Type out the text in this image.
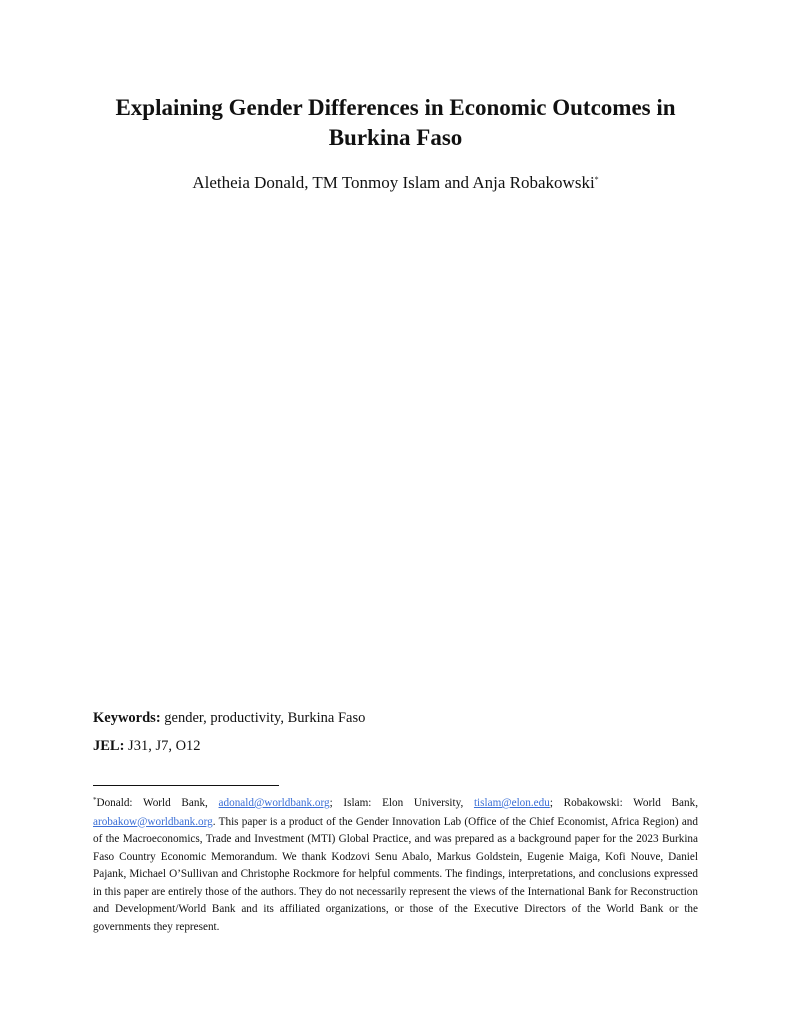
Explaining Gender Differences in Economic Outcomes in
Burkina Faso

Aletheia Donald, TM Tonmoy Islam and Anja Robakowski*

Keywords: gender, productivity, Burkina Faso

JEL: J31, J7, O12

*Donald: World Bank, adonald@worldbank.org; Islam: Elon University, tislam@elon.edu; Robakowski: World Bank, arobakow@worldbank.org. This paper is a product of the Gender Innovation Lab (Office of the Chief Economist, Africa Region) and of the Macroeconomics, Trade and Investment (MTI) Global Practice, and was prepared as a background paper for the 2023 Burkina Faso Country Economic Memorandum. We thank Kodzovi Senu Abalo, Markus Goldstein, Eugenie Maiga, Kofi Nouve, Daniel Pajank, Michael O’Sullivan and Christophe Rockmore for helpful comments. The findings, interpretations, and conclusions expressed in this paper are entirely those of the authors. They do not necessarily represent the views of the International Bank for Reconstruction and Development/World Bank and its affiliated organizations, or those of the Executive Directors of the World Bank or the governments they represent.
